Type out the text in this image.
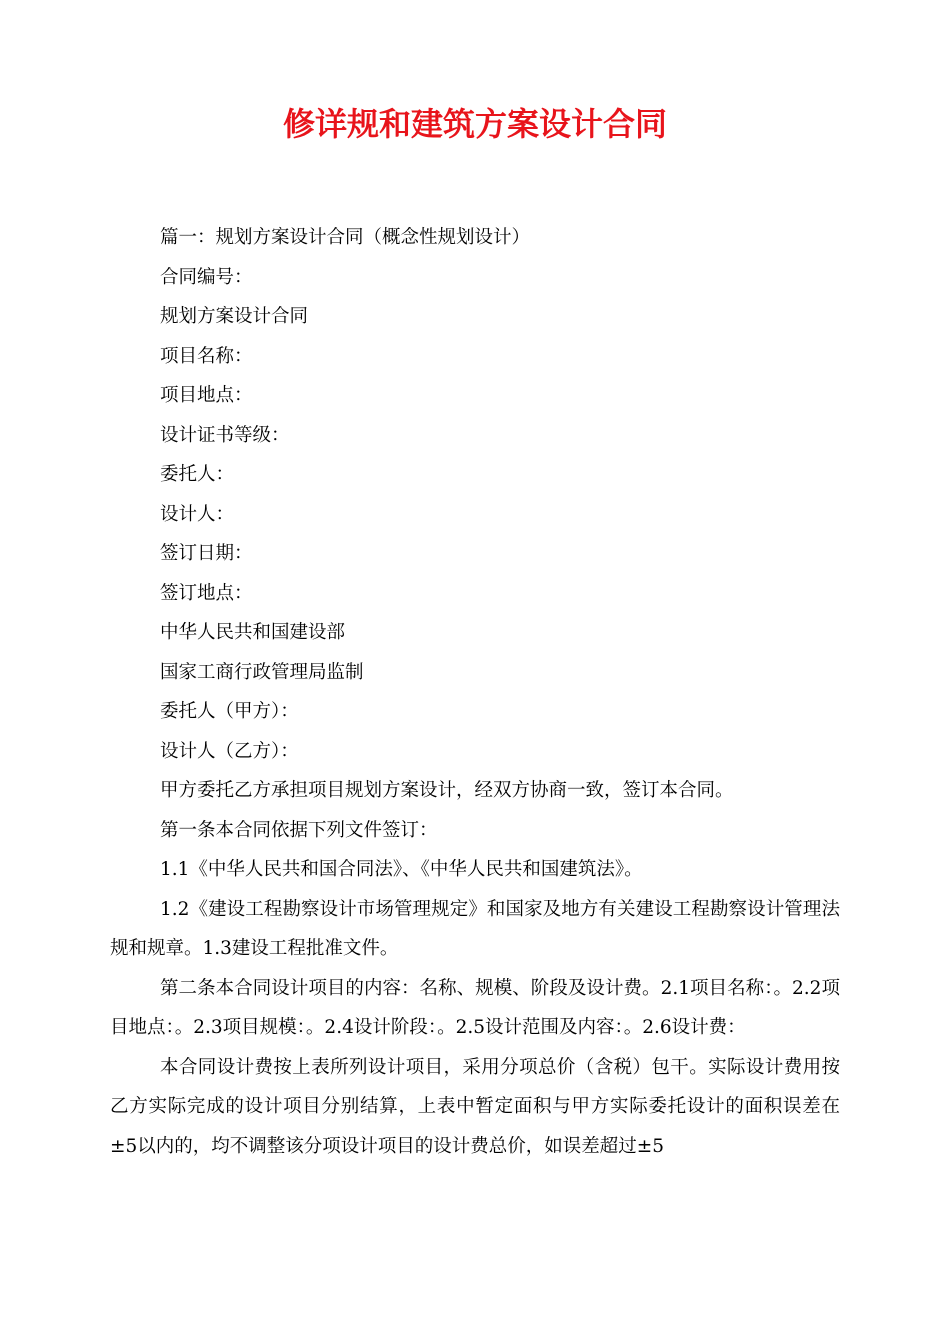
修详规和建筑方案设计合同

篇一：规划方案设计合同（概念性规划设计）

合同编号：

规划方案设计合同

项目名称：

项目地点：

设计证书等级：

委托人：

设计人：

签订日期：

签订地点：

中华人民共和国建设部

国家工商行政管理局监制

委托人（甲方）：

设计人（乙方）：

甲方委托乙方承担项目规划方案设计，经双方协商一致，签订本合同。

第一条本合同依据下列文件签订：

1.1《中华人民共和国合同法》、《中华人民共和国建筑法》。

1.2《建设工程勘察设计市场管理规定》和国家及地方有关建设工程勘察设计管理法规和规章。1.3建设工程批准文件。

第二条本合同设计项目的内容：名称、规模、阶段及设计费。2.1项目名称：。2.2项目地点：。2.3项目规模：。2.4设计阶段：。2.5设计范围及内容：。2.6设计费：

本合同设计费按上表所列设计项目，采用分项总价（含税）包干。实际设计费用按乙方实际完成的设计项目分别结算，上表中暂定面积与甲方实际委托设计的面积误差在±5以内的，均不调整该分项设计项目的设计费总价，如误差超过±5
